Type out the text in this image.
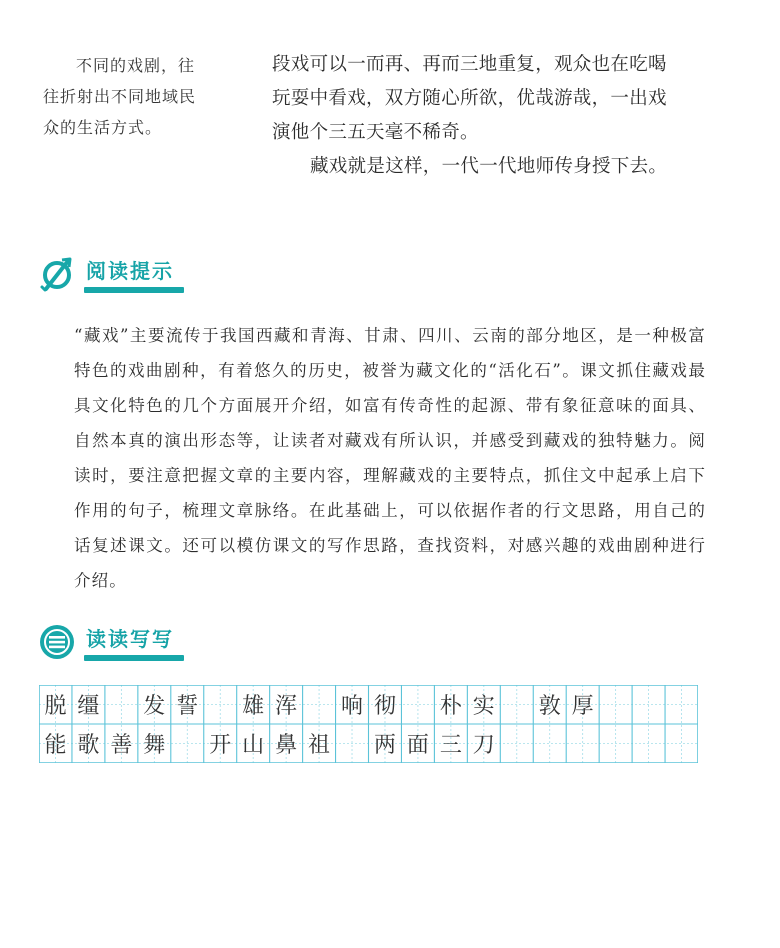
不同的戏剧，往
往折射出不同地域民
众的生活方式。

段戏可以一而再、再而三地重复，观众也在吃喝

玩耍中看戏，双方随心所欲，优哉游哉，一出戏

演他个三五天毫不稀奇。

藏戏就是这样，一代一代地师传身授下去。

阅读提示
“藏戏”主要流传于我国西藏和青海、甘肃、四川、云南的部分地区，是一种极富特色的戏曲剧种，有着悠久的历史，被誉为藏文化的“活化石”。课文抓住藏戏最具文化特色的几个方面展开介绍，如富有传奇性的起源、带有象征意味的面具、自然本真的演出形态等，让读者对藏戏有所认识，并感受到藏戏的独特魅力。阅读时，要注意把握文章的主要内容，理解藏戏的主要特点，抓住文中起承上启下作用的句子，梳理文章脉络。在此基础上，可以依据作者的行文思路，用自己的话复述课文。还可以模仿课文的写作思路，查找资料，对感兴趣的戏曲剧种进行介绍。
读读写写
脱 缰 发 誓 雄 浑 响 彻 朴 实 敦 厚
能 歌 善 舞 开 山 鼻 祖 两 面 三 刀
